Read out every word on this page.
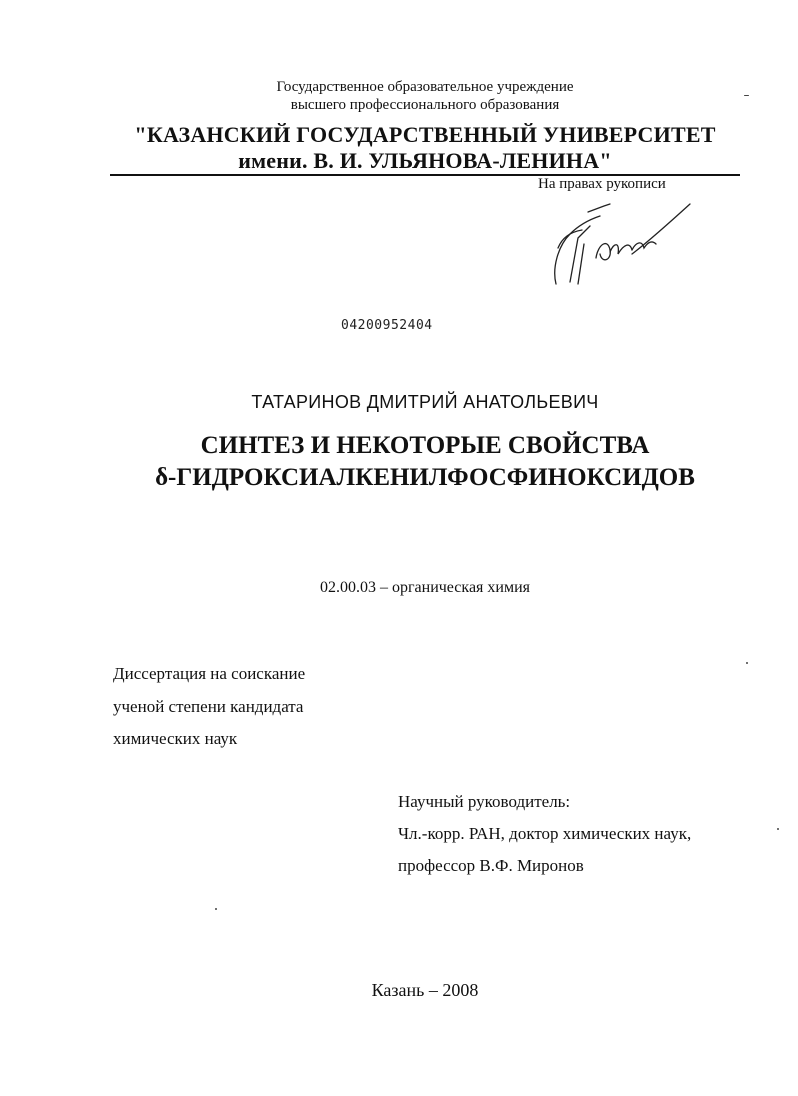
Государственное образовательное учреждение
высшего профессионального образования
"КАЗАНСКИЙ ГОСУДАРСТВЕННЫЙ УНИВЕРСИТЕТ
имени. В. И. УЛЬЯНОВА-ЛЕНИНА"
На правах рукописи
04200952404
ТАТАРИНОВ ДМИТРИЙ АНАТОЛЬЕВИЧ
СИНТЕЗ И НЕКОТОРЫЕ СВОЙСТВА
δ-ГИДРОКСИАЛКЕНИЛФОСФИНОКСИДОВ
02.00.03 – органическая химия
Диссертация на соискание
ученой степени кандидата
химических наук
Научный руководитель:
Чл.-корр. РАН, доктор химических наук,
профессор В.Ф. Миронов
Казань – 2008
